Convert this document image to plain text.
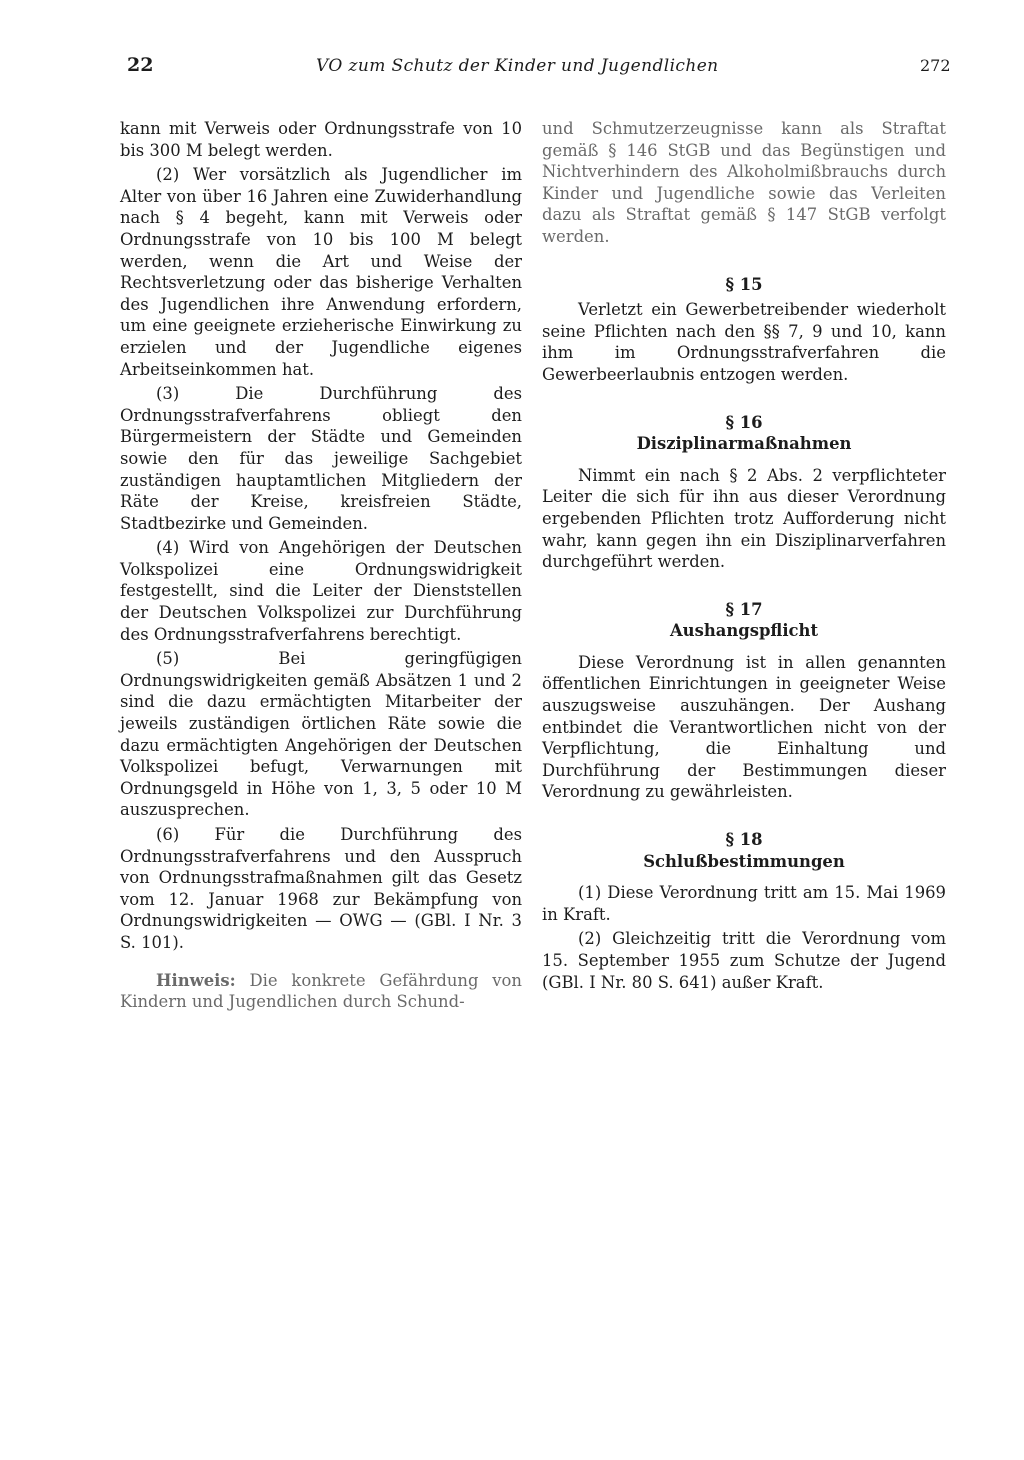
22	VO zum Schutz der Kinder und Jugendlichen	272

kann mit Verweis oder Ordnungsstrafe von 10 bis 300 M belegt werden.

(2) Wer vorsätzlich als Jugendlicher im Alter von über 16 Jahren eine Zuwiderhandlung nach § 4 begeht, kann mit Verweis oder Ordnungsstrafe von 10 bis 100 M belegt werden, wenn die Art und Weise der Rechtsverletzung oder das bisherige Verhalten des Jugendlichen ihre Anwendung erfordern, um eine geeignete erzieherische Einwirkung zu erzielen und der Jugendliche eigenes Arbeitseinkommen hat.

(3) Die Durchführung des Ordnungsstrafverfahrens obliegt den Bürgermeistern der Städte und Gemeinden sowie den für das jeweilige Sachgebiet zuständigen hauptamtlichen Mitgliedern der Räte der Kreise, kreisfreien Städte, Stadtbezirke und Gemeinden.

(4) Wird von Angehörigen der Deutschen Volkspolizei eine Ordnungswidrigkeit festgestellt, sind die Leiter der Dienststellen der Deutschen Volkspolizei zur Durchführung des Ordnungsstrafverfahrens berechtigt.

(5) Bei geringfügigen Ordnungswidrigkeiten gemäß Absätzen 1 und 2 sind die dazu ermächtigten Mitarbeiter der jeweils zuständigen örtlichen Räte sowie die dazu ermächtigten Angehörigen der Deutschen Volkspolizei befugt, Verwarnungen mit Ordnungsgeld in Höhe von 1, 3, 5 oder 10 M auszusprechen.

(6) Für die Durchführung des Ordnungsstrafverfahrens und den Ausspruch von Ordnungsstrafmaßnahmen gilt das Gesetz vom 12. Januar 1968 zur Bekämpfung von Ordnungswidrigkeiten — OWG — (GBl. I Nr. 3 S. 101).

Hinweis: Die konkrete Gefährdung von Kindern und Jugendlichen durch Schund-

und Schmutzerzeugnisse kann als Straftat gemäß § 146 StGB und das Begünstigen und Nichtverhindern des Alkoholmißbrauchs durch Kinder und Jugendliche sowie das Verleiten dazu als Straftat gemäß § 147 StGB verfolgt werden.

§ 15

Verletzt ein Gewerbetreibender wiederholt seine Pflichten nach den §§ 7, 9 und 10, kann ihm im Ordnungsstrafverfahren die Gewerbeerlaubnis entzogen werden.

§ 16
Disziplinarmaßnahmen

Nimmt ein nach § 2 Abs. 2 verpflichteter Leiter die sich für ihn aus dieser Verordnung ergebenden Pflichten trotz Aufforderung nicht wahr, kann gegen ihn ein Disziplinarverfahren durchgeführt werden.

§ 17
Aushangspflicht

Diese Verordnung ist in allen genannten öffentlichen Einrichtungen in geeigneter Weise auszugsweise auszuhängen. Der Aushang entbindet die Verantwortlichen nicht von der Verpflichtung, die Einhaltung und Durchführung der Bestimmungen dieser Verordnung zu gewährleisten.

§ 18
Schlußbestimmungen

(1) Diese Verordnung tritt am 15. Mai 1969 in Kraft.

(2) Gleichzeitig tritt die Verordnung vom 15. September 1955 zum Schutze der Jugend (GBl. I Nr. 80 S. 641) außer Kraft.
